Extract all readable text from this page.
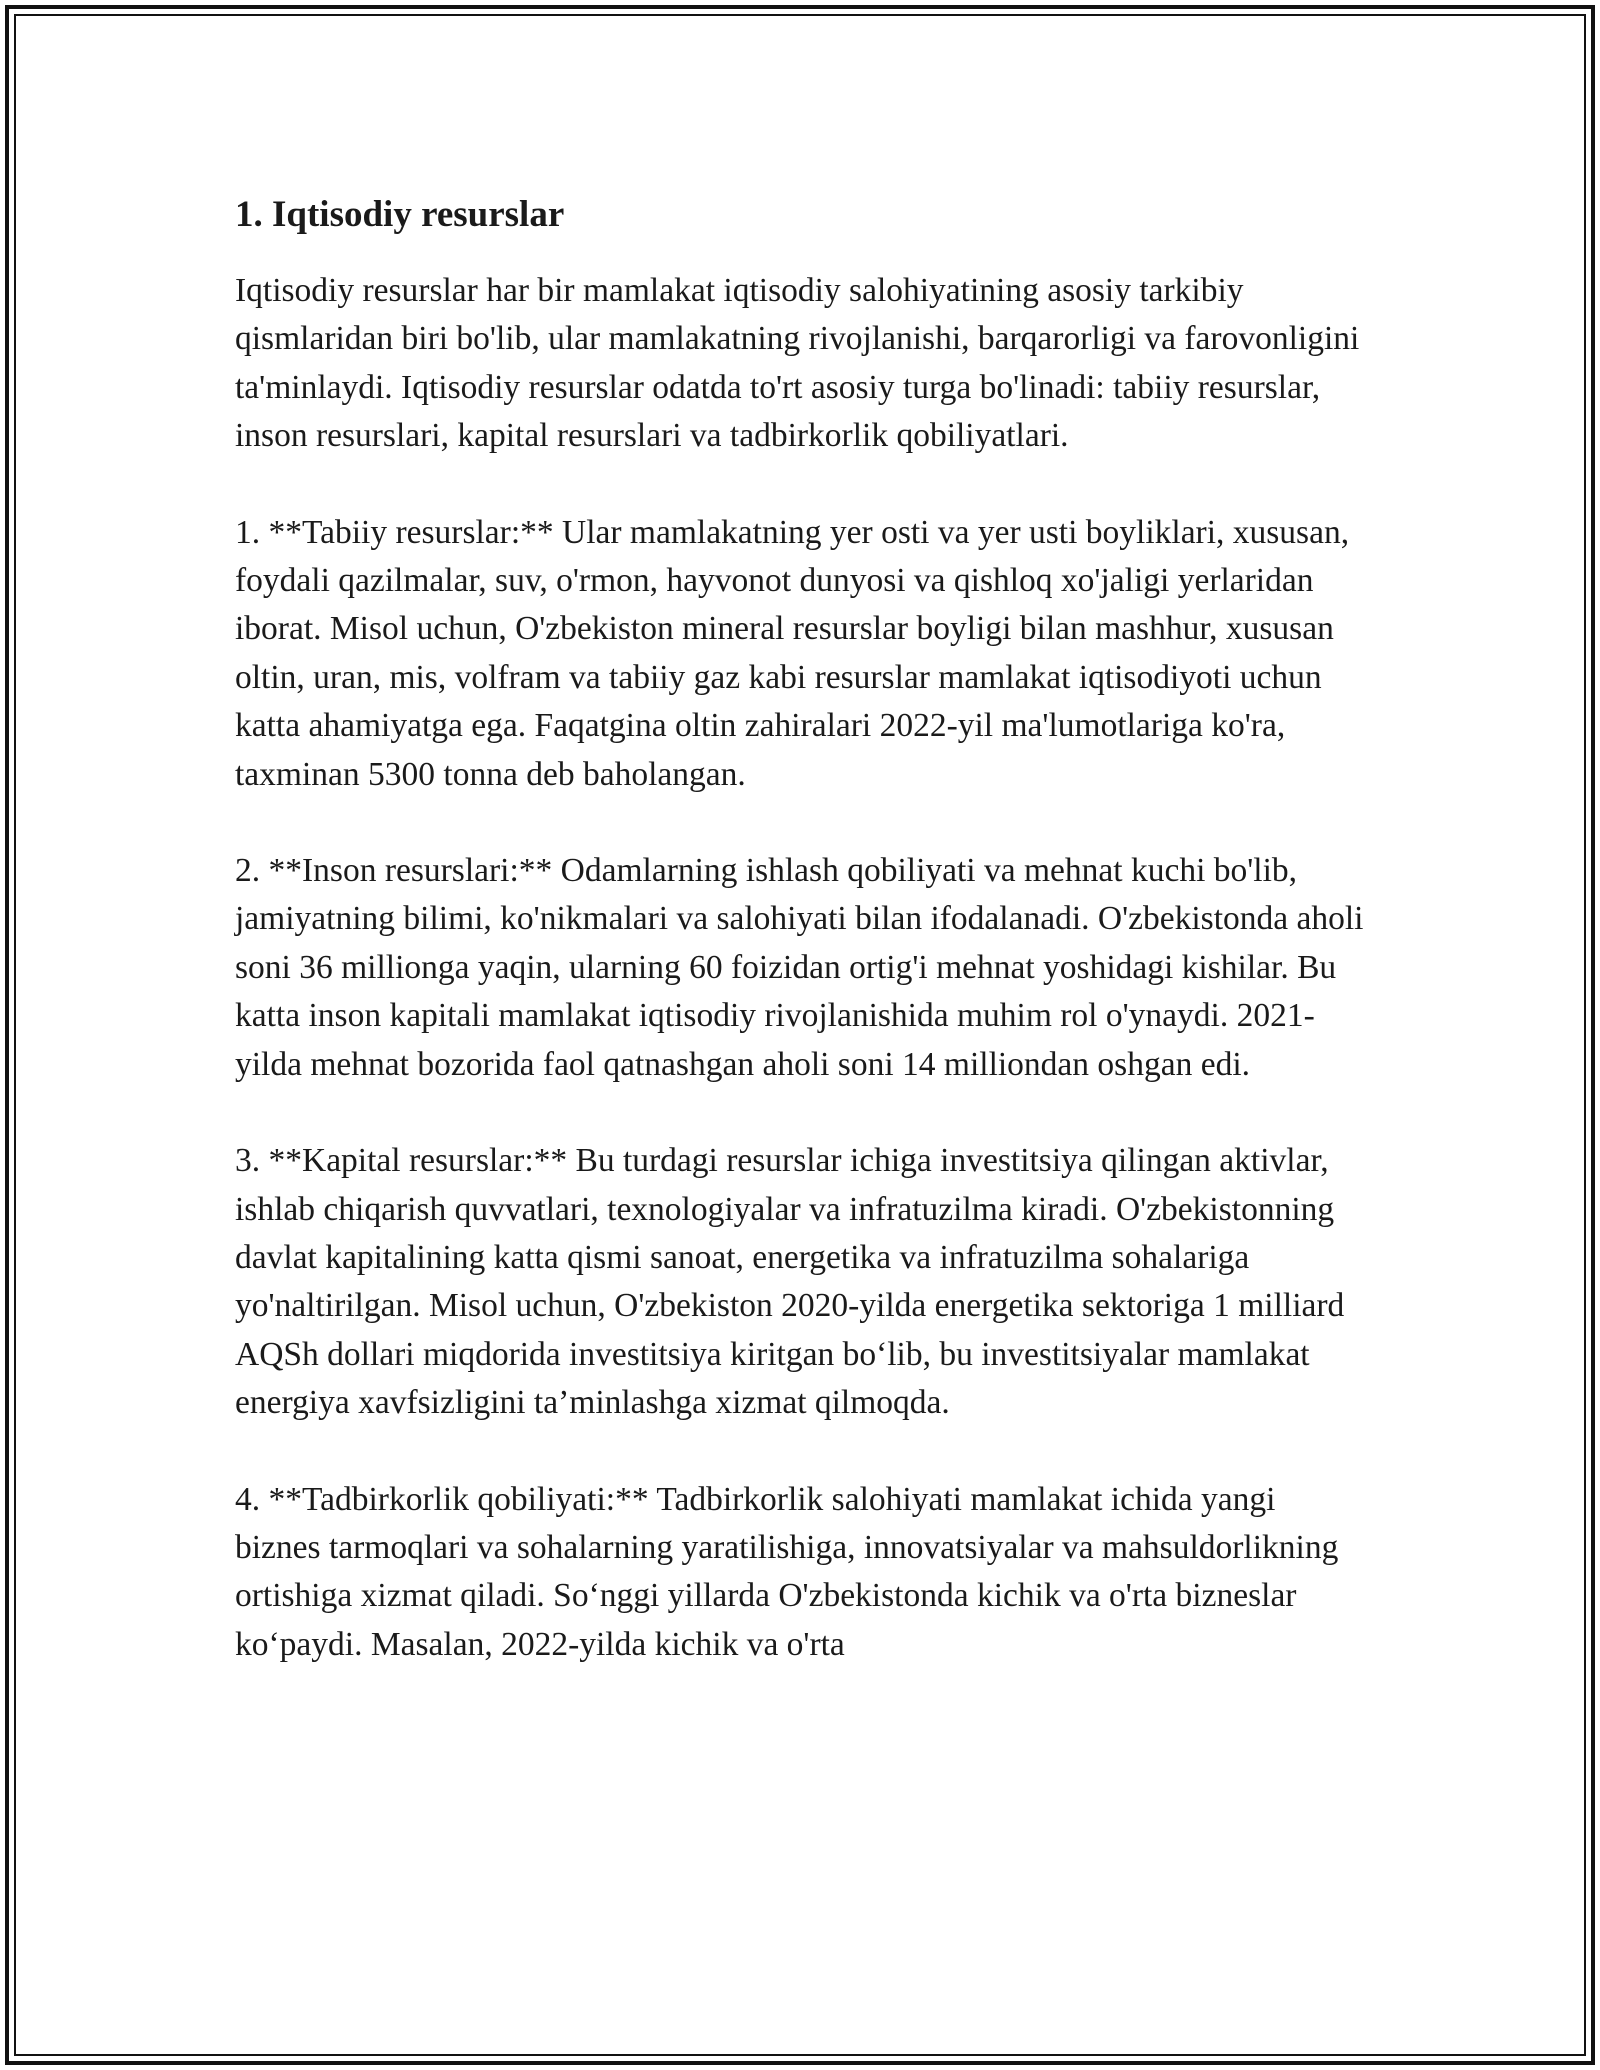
1. Iqtisodiy resurslar

Iqtisodiy resurslar har bir mamlakat iqtisodiy salohiyatining asosiy tarkibiy qismlaridan biri bo'lib, ular mamlakatning rivojlanishi, barqarorligi va farovonligini ta'minlaydi. Iqtisodiy resurslar odatda to'rt asosiy turga bo'linadi: tabiiy resurslar, inson resurslari, kapital resurslari va tadbirkorlik qobiliyatlari.

1. **Tabiiy resurslar:** Ular mamlakatning yer osti va yer usti boyliklari, xususan, foydali qazilmalar, suv, o'rmon, hayvonot dunyosi va qishloq xo'jaligi yerlaridan iborat. Misol uchun, O'zbekiston mineral resurslar boyligi bilan mashhur, xususan oltin, uran, mis, volfram va tabiiy gaz kabi resurslar mamlakat iqtisodiyoti uchun katta ahamiyatga ega. Faqatgina oltin zahiralari 2022-yil ma'lumotlariga ko'ra, taxminan 5300 tonna deb baholangan.

2. **Inson resurslari:** Odamlarning ishlash qobiliyati va mehnat kuchi bo'lib, jamiyatning bilimi, ko'nikmalari va salohiyati bilan ifodalanadi. O'zbekistonda aholi soni 36 millionga yaqin, ularning 60 foizidan ortig'i mehnat yoshidagi kishilar. Bu katta inson kapitali mamlakat iqtisodiy rivojlanishida muhim rol o'ynaydi. 2021-yilda mehnat bozorida faol qatnashgan aholi soni 14 milliondan oshgan edi.

3. **Kapital resurslar:** Bu turdagi resurslar ichiga investitsiya qilingan aktivlar, ishlab chiqarish quvvatlari, texnologiyalar va infratuzilma kiradi. O'zbekistonning davlat kapitalining katta qismi sanoat, energetika va infratuzilma sohalariga yo'naltirilgan. Misol uchun, O'zbekiston 2020-yilda energetika sektoriga 1 milliard AQSh dollari miqdorida investitsiya kiritgan bo‘lib, bu investitsiyalar mamlakat energiya xavfsizligini ta’minlashga xizmat qilmoqda.

4. **Tadbirkorlik qobiliyati:** Tadbirkorlik salohiyati mamlakat ichida yangi biznes tarmoqlari va sohalarning yaratilishiga, innovatsiyalar va mahsuldorlikning ortishiga xizmat qiladi. So‘nggi yillarda O'zbekistonda kichik va o'rta bizneslar ko‘paydi. Masalan, 2022-yilda kichik va o'rta
